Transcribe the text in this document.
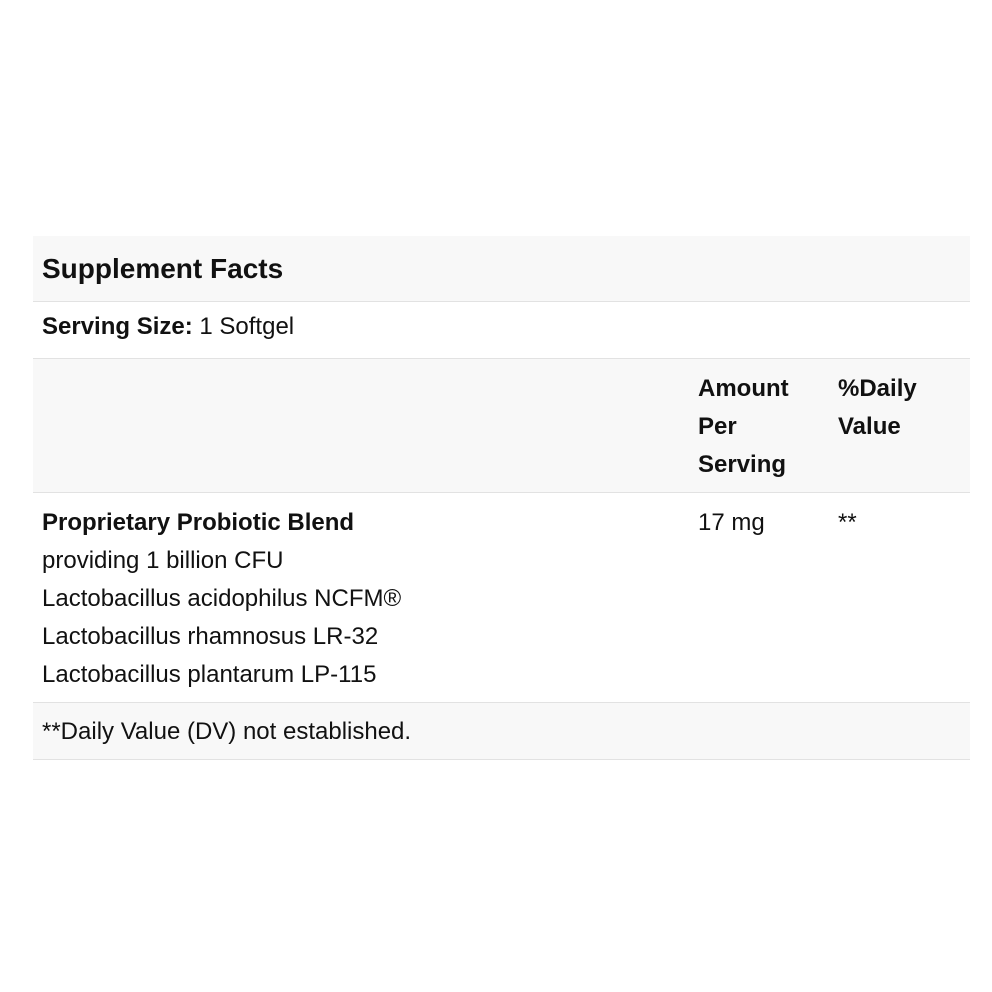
Supplement Facts
Serving Size: 1 Softgel
Amount
Per
Serving
%Daily
Value
Proprietary Probiotic Blend
providing 1 billion CFU
Lactobacillus acidophilus NCFM®
Lactobacillus rhamnosus LR-32
Lactobacillus plantarum LP-115
17 mg	**
**Daily Value (DV) not established.
